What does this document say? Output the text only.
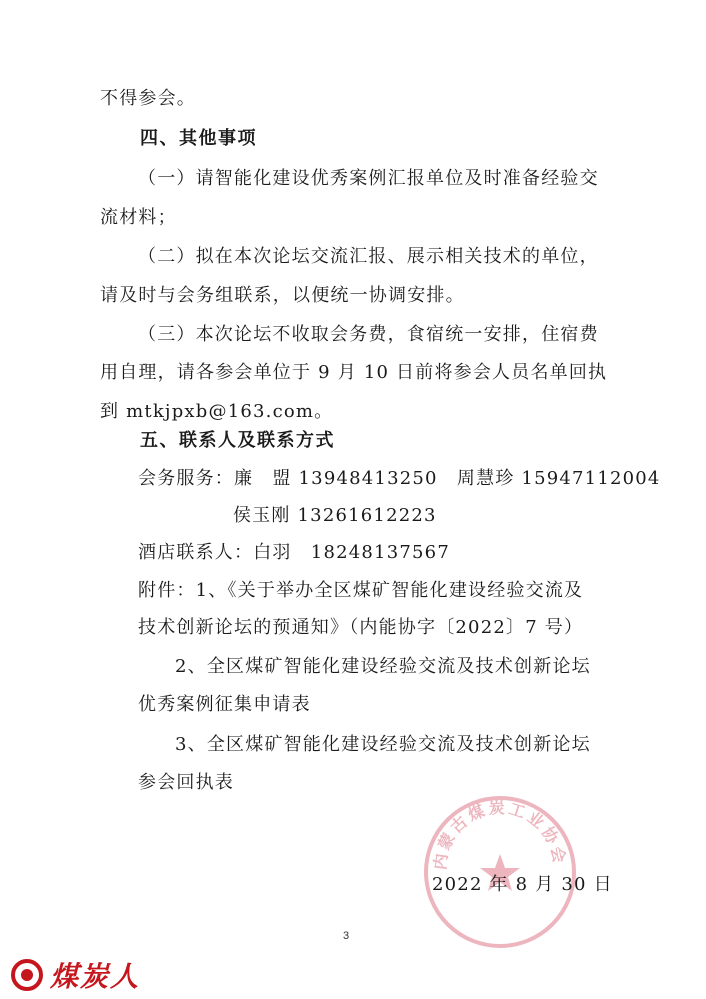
不得参会。
四、其他事项
（一）请智能化建设优秀案例汇报单位及时准备经验交
流材料；
（二）拟在本次论坛交流汇报、展示相关技术的单位，
请及时与会务组联系，以便统一协调安排。
（三）本次论坛不收取会务费，食宿统一安排，住宿费
用自理，请各参会单位于 9 月 10 日前将参会人员名单回执
到 mtkjpxb@163.com。
五、联系人及联系方式
会务服务：廉　盟 13948413250　周慧珍 15947112004
侯玉刚 13261612223
酒店联系人：白羽　18248137567
附件：1、《关于举办全区煤矿智能化建设经验交流及
技术创新论坛的预通知》（内能协字〔2022〕7 号）
2、全区煤矿智能化建设经验交流及技术创新论坛
优秀案例征集申请表
3、全区煤矿智能化建设经验交流及技术创新论坛
参会回执表
内蒙古煤炭工业协会
2022 年 8 月 30 日
3
煤炭人
